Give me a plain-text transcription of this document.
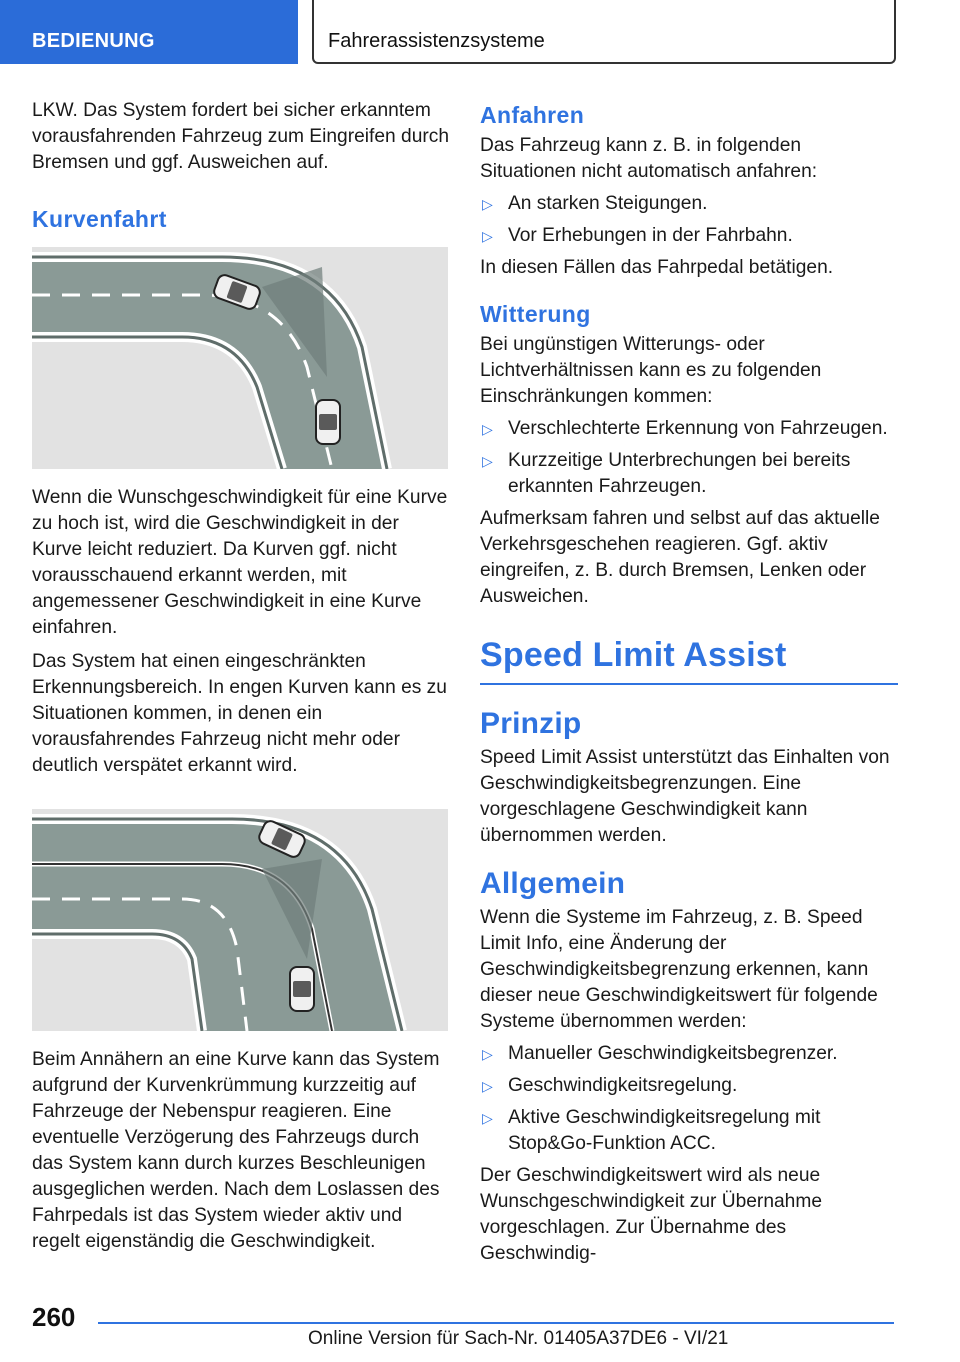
BEDIENUNG	Fahrerassistenzsysteme

LKW. Das System fordert bei sicher erkanntem vorausfahrenden Fahrzeug zum Eingreifen durch Bremsen und ggf. Ausweichen auf.

Kurvenfahrt

Wenn die Wunschgeschwindigkeit für eine Kurve zu hoch ist, wird die Geschwindigkeit in der Kurve leicht reduziert. Da Kurven ggf. nicht vorausschauend erkannt werden, mit angemessener Geschwindigkeit in eine Kurve einfahren.

Das System hat einen eingeschränkten Erkennungsbereich. In engen Kurven kann es zu Situationen kommen, in denen ein vorausfahrendes Fahrzeug nicht mehr oder deutlich verspätet erkannt wird.

Beim Annähern an eine Kurve kann das System aufgrund der Kurvenkrümmung kurzzeitig auf Fahrzeuge der Nebenspur reagieren. Eine eventuelle Verzögerung des Fahrzeugs durch das System kann durch kurzes Beschleunigen ausgeglichen werden. Nach dem Loslassen des Fahrpedals ist das System wieder aktiv und regelt eigenständig die Geschwindigkeit.

Anfahren

Das Fahrzeug kann z. B. in folgenden Situationen nicht automatisch anfahren:

▷ An starken Steigungen.
▷ Vor Erhebungen in der Fahrbahn.

In diesen Fällen das Fahrpedal betätigen.

Witterung

Bei ungünstigen Witterungs- oder Lichtverhältnissen kann es zu folgenden Einschränkungen kommen:

▷ Verschlechterte Erkennung von Fahrzeugen.
▷ Kurzzeitige Unterbrechungen bei bereits erkannten Fahrzeugen.

Aufmerksam fahren und selbst auf das aktuelle Verkehrsgeschehen reagieren. Ggf. aktiv eingreifen, z. B. durch Bremsen, Lenken oder Ausweichen.

Speed Limit Assist
Prinzip

Speed Limit Assist unterstützt das Einhalten von Geschwindigkeitsbegrenzungen. Eine vorgeschlagene Geschwindigkeit kann übernommen werden.

Allgemein

Wenn die Systeme im Fahrzeug, z. B. Speed Limit Info, eine Änderung der Geschwindigkeitsbegrenzung erkennen, kann dieser neue Geschwindigkeitswert für folgende Systeme übernommen werden:

▷ Manueller Geschwindigkeitsbegrenzer.
▷ Geschwindigkeitsregelung.
▷ Aktive Geschwindigkeitsregelung mit Stop&Go-Funktion ACC.

Der Geschwindigkeitswert wird als neue Wunschgeschwindigkeit zur Übernahme vorgeschlagen. Zur Übernahme des Geschwindig-

260
Online Version für Sach-Nr. 01405A37DE6 - VI/21
